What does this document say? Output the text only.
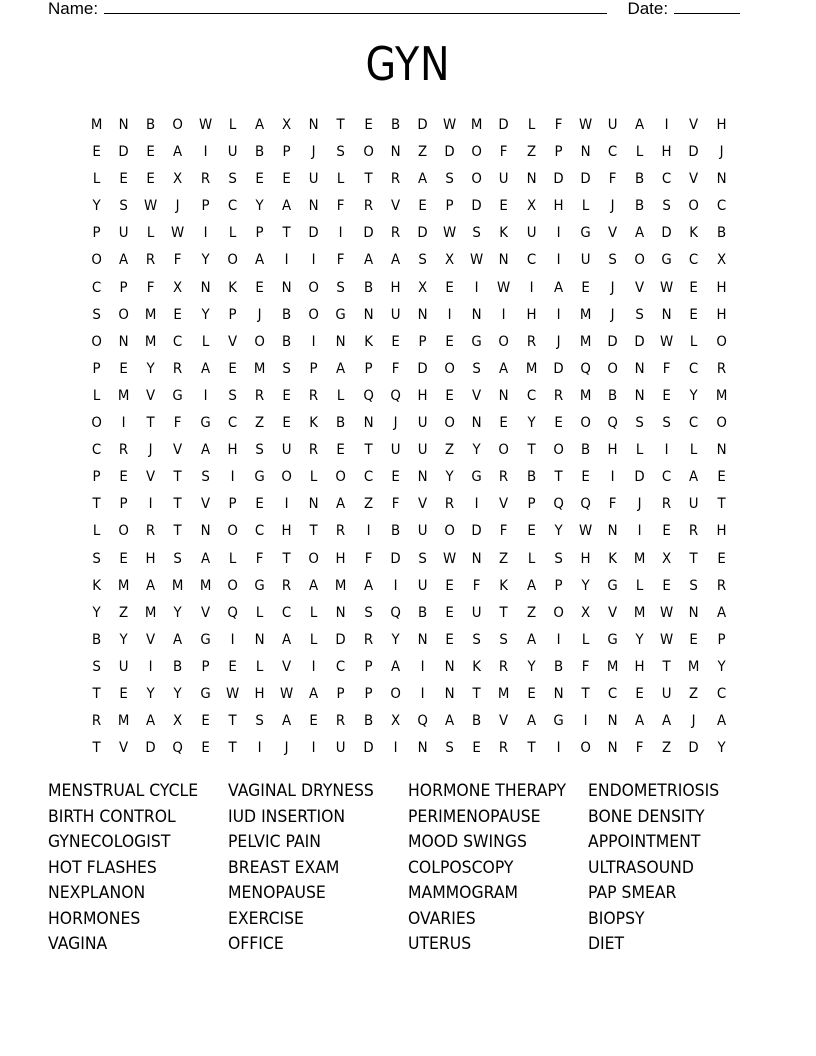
Name:	Date:
GYN
M	N	B	O	W	L	A	X	N	T	E	B	D	W	M	D	L	F	W	U	A	I	V	H
E	D	E	A	I	U	B	P	J	S	O	N	Z	D	O	F	Z	P	N	C	L	H	D	J
L	E	E	X	R	S	E	E	U	L	T	R	A	S	O	U	N	D	D	F	B	C	V	N
Y	S	W	J	P	C	Y	A	N	F	R	V	E	P	D	E	X	H	L	J	B	S	O	C
P	U	L	W	I	L	P	T	D	I	D	R	D	W	S	K	U	I	G	V	A	D	K	B
O	A	R	F	Y	O	A	I	I	F	A	A	S	X	W	N	C	I	U	S	O	G	C	X
C	P	F	X	N	K	E	N	O	S	B	H	X	E	I	W	I	A	E	J	V	W	E	H
S	O	M	E	Y	P	J	B	O	G	N	U	N	I	N	I	H	I	M	J	S	N	E	H
O	N	M	C	L	V	O	B	I	N	K	E	P	E	G	O	R	J	M	D	D	W	L	O
P	E	Y	R	A	E	M	S	P	A	P	F	D	O	S	A	M	D	Q	O	N	F	C	R
L	M	V	G	I	S	R	E	R	L	Q	Q	H	E	V	N	C	R	M	B	N	E	Y	M
O	I	T	F	G	C	Z	E	K	B	N	J	U	O	N	E	Y	E	O	Q	S	S	C	O
C	R	J	V	A	H	S	U	R	E	T	U	U	Z	Y	O	T	O	B	H	L	I	L	N
P	E	V	T	S	I	G	O	L	O	C	E	N	Y	G	R	B	T	E	I	D	C	A	E
T	P	I	T	V	P	E	I	N	A	Z	F	V	R	I	V	P	Q	Q	F	J	R	U	T
L	O	R	T	N	O	C	H	T	R	I	B	U	O	D	F	E	Y	W	N	I	E	R	H
S	E	H	S	A	L	F	T	O	H	F	D	S	W	N	Z	L	S	H	K	M	X	T	E
K	M	A	M	M	O	G	R	A	M	A	I	U	E	F	K	A	P	Y	G	L	E	S	R
Y	Z	M	Y	V	Q	L	C	L	N	S	Q	B	E	U	T	Z	O	X	V	M	W	N	A
B	Y	V	A	G	I	N	A	L	D	R	Y	N	E	S	S	A	I	L	G	Y	W	E	P
S	U	I	B	P	E	L	V	I	C	P	A	I	N	K	R	Y	B	F	M	H	T	M	Y
T	E	Y	Y	G	W	H	W	A	P	P	O	I	N	T	M	E	N	T	C	E	U	Z	C
R	M	A	X	E	T	S	A	E	R	B	X	Q	A	B	V	A	G	I	N	A	A	J	A
T	V	D	Q	E	T	I	J	I	U	D	I	N	S	E	R	T	I	O	N	F	Z	D	Y
MENSTRUAL CYCLE	VAGINAL DRYNESS	HORMONE THERAPY	ENDOMETRIOSIS
BIRTH CONTROL	IUD INSERTION	PERIMENOPAUSE	BONE DENSITY
GYNECOLOGIST	PELVIC PAIN	MOOD SWINGS	APPOINTMENT
HOT FLASHES	BREAST EXAM	COLPOSCOPY	ULTRASOUND
NEXPLANON	MENOPAUSE	MAMMOGRAM	PAP SMEAR
HORMONES	EXERCISE	OVARIES	BIOPSY
VAGINA	OFFICE	UTERUS	DIET
